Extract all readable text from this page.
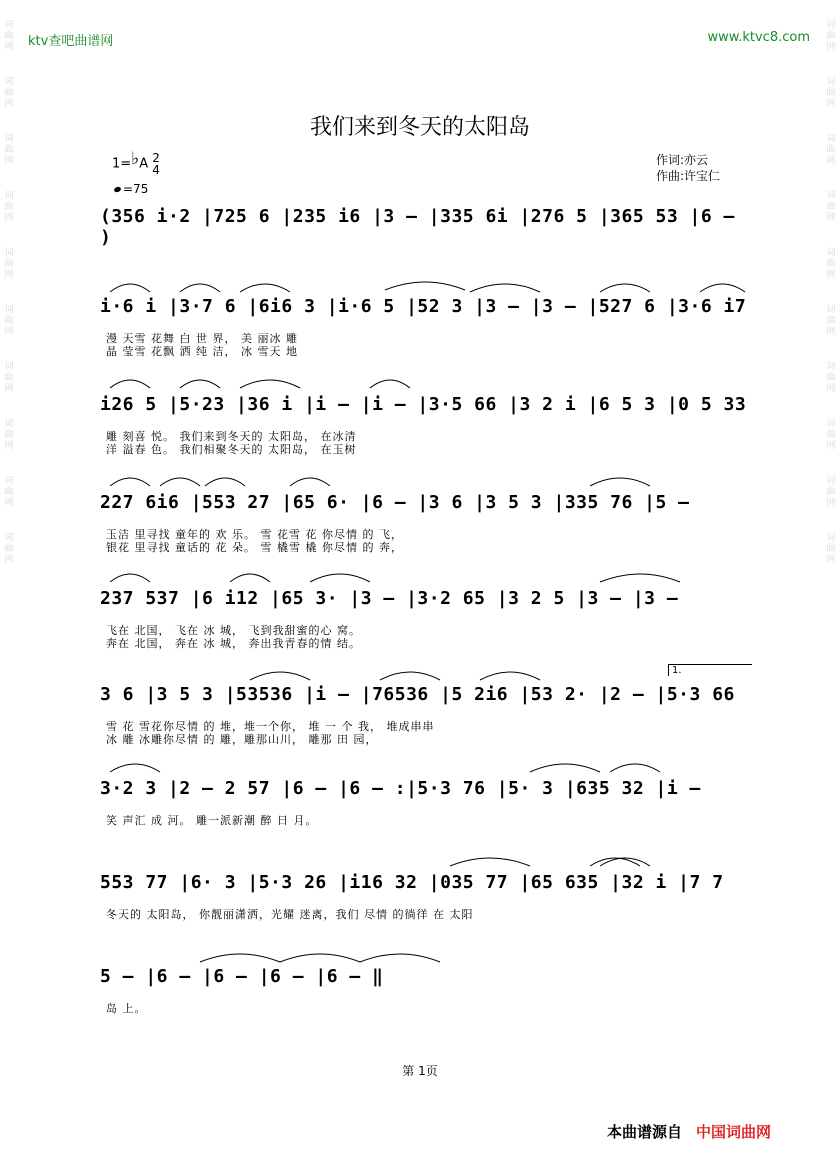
ktv查吧曲谱网	www.ktvc8.com
词
曲
网
词
曲
网
词
曲
网
词
曲
网
词
曲
网
词
曲
网
词
曲
网
词
曲
网
词
曲
网
词
曲
网
词
曲
网
词
曲
网
词
曲
网
词
曲
网
词
曲
网
词
曲
网
词
曲
网
词
曲
网
词
曲
网
词
曲
网
我们来到冬天的太阳岛
1=♭A 2
4
=75
作词:亦云
作曲:许宝仁
(356 i·2 |725 6 |235 i6 |3 – |335 6i |276 5 |365 53 |6 – )
i·6 i |3·7 6 |6i6 3 |i·6 5 |52 3 |3 – |3 – |527 6 |3·6 i7
漫 天雪 花舞 白 世 界， 美 丽冰 雕
晶 莹雪 花飘 洒 纯 洁， 冰 雪天 地
i26 5 |5·23 |36 i |i – |i – |3·5 66 |3 2 i |6 5 3 |0 5 33
雕 刻喜 悦。 我们来到冬天的 太阳岛， 在冰清
洋 溢春 色。 我们相聚冬天的 太阳岛， 在玉树
227 6i6 |553 27 |65 6· |6 – |3 6 |3 5 3 |335 76 |5 –
玉洁 里寻找 童年的 欢 乐。 雪 花雪 花 你尽情 的 飞，
银花 里寻找 童话的 花 朵。 雪 橇雪 橇 你尽情 的 奔，
237 537 |6 i12 |65 3· |3 – |3·2 65 |3 2 5 |3 – |3 –
飞在 北国， 飞在 冰 城， 飞到我甜蜜的心 窝。
奔在 北国， 奔在 冰 城， 奔出我青春的情 结。
3 6 |3 5 3 |53536 |i – |76536 |5 2i6 |53 2· |2 – |5·3 66
1.
雪 花 雪花你尽情 的 堆，堆一个你， 堆 一 个 我， 堆成串串
冰 雕 冰雕你尽情 的 雕，雕那山川， 雕那 田 园，
3·2 3 |2 – 2 57 |6 – |6 – :|5·3 76 |5· 3 |635 32 |i –
笑 声汇 成 河。 雕一派新潮 醉 日 月。
553 77 |6· 3 |5·3 26 |i16 32 |035 77 |65 635 |32 i |7 7
冬天的 太阳岛， 你靓丽潇洒，光耀 迷离，我们 尽情 的徜徉 在 太阳
5 – |6 – |6 – |6 – |6 – ‖
岛 上。
第 1页
本曲谱源自 中国词曲网
